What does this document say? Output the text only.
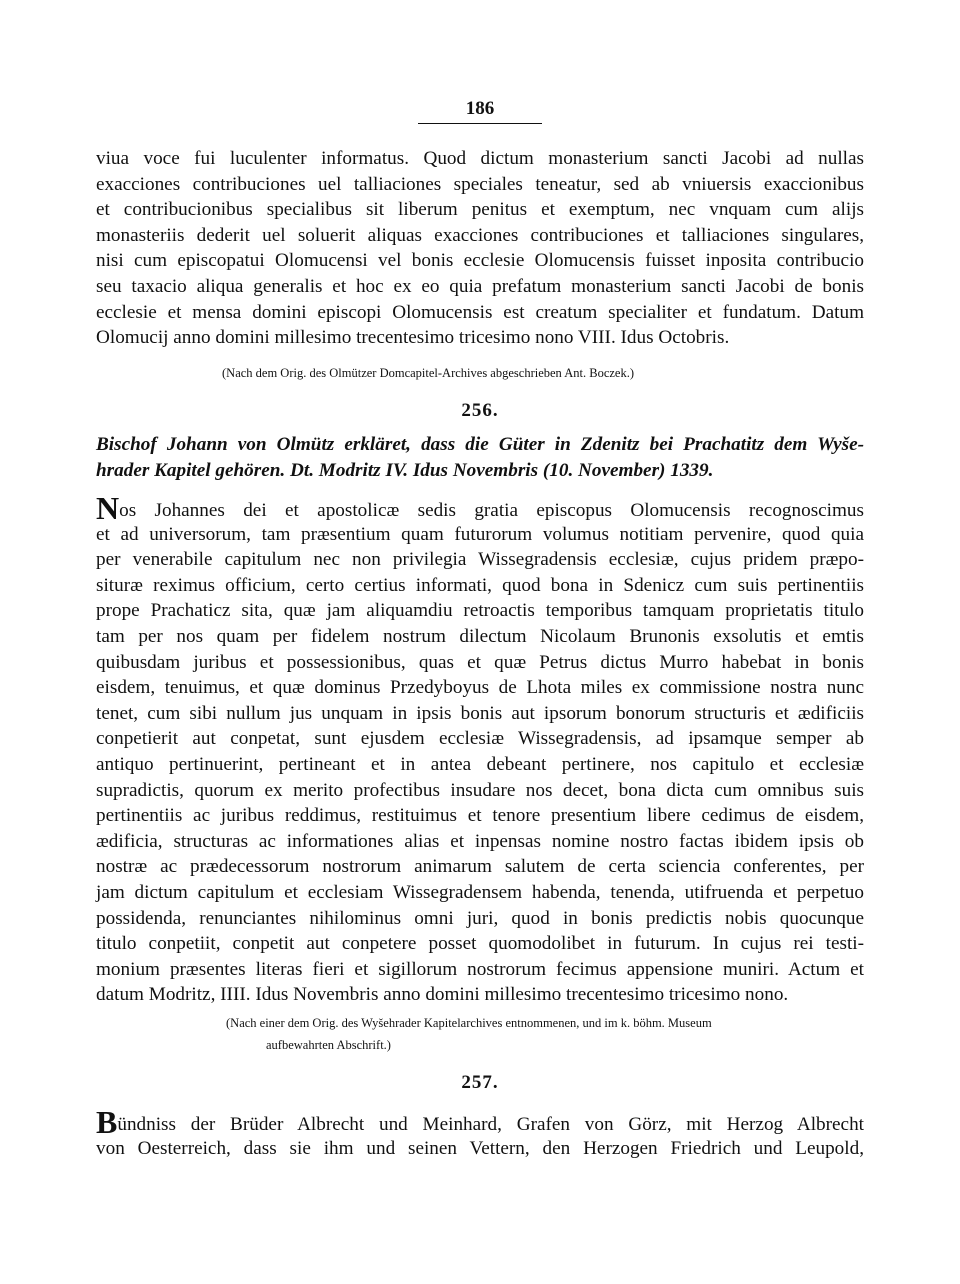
186
viua voce fui luculenter informatus. Quod dictum monasterium sancti Jacobi ad nullas
exacciones contribuciones uel talliaciones speciales teneatur, sed ab vniuersis exaccionibus
et contribucionibus specialibus sit liberum penitus et exemptum, nec vnquam cum alijs
monasteriis dederit uel soluerit aliquas exacciones contribuciones et talliaciones singulares,
nisi cum episcopatui Olomucensi vel bonis ecclesie Olomucensis fuisset inposita contribucio
seu taxacio aliqua generalis et hoc ex eo quia prefatum monasterium sancti Jacobi de bonis
ecclesie et mensa domini episcopi Olomucensis est creatum specialiter et fundatum. Datum
Olomucij anno domini millesimo trecentesimo tricesimo nono VIII. Idus Octobris.
(Nach dem Orig. des Olmützer Domcapitel-Archives abgeschrieben Ant. Boczek.)
256.
Bischof Johann von Olmütz erkläret, dass die Güter in Zdenitz bei Prachatitz dem Wyše-
hrader Kapitel gehören. Dt. Modritz IV. Idus Novembris (10. November) 1339.
Nos Johannes dei et apostolicæ sedis gratia episcopus Olomucensis recognoscimus
et ad universorum, tam præsentium quam futurorum volumus notitiam pervenire, quod quia
per venerabile capitulum nec non privilegia Wissegradensis ecclesiæ, cujus pridem præpo-
situræ reximus officium, certo certius informati, quod bona in Sdenicz cum suis pertinentiis
prope Prachaticz sita, quæ jam aliquamdiu retroactis temporibus tamquam proprietatis titulo
tam per nos quam per fidelem nostrum dilectum Nicolaum Brunonis exsolutis et emtis
quibusdam juribus et possessionibus, quas et quæ Petrus dictus Murro habebat in bonis
eisdem, tenuimus, et quæ dominus Przedyboyus de Lhota miles ex commissione nostra nunc
tenet, cum sibi nullum jus unquam in ipsis bonis aut ipsorum bonorum structuris et ædificiis
conpetierit aut conpetat, sunt ejusdem ecclesiæ Wissegradensis, ad ipsamque semper ab
antiquo pertinuerint, pertineant et in antea debeant pertinere, nos capitulo et ecclesiæ
supradictis, quorum ex merito profectibus insudare nos decet, bona dicta cum omnibus suis
pertinentiis ac juribus reddimus, restituimus et tenore presentium libere cedimus de eisdem,
ædificia, structuras ac informationes alias et inpensas nomine nostro factas ibidem ipsis ob
nostræ ac prædecessorum nostrorum animarum salutem de certa sciencia conferentes, per
jam dictum capitulum et ecclesiam Wissegradensem habenda, tenenda, utifruenda et perpetuo
possidenda, renunciantes nihilominus omni juri, quod in bonis predictis nobis quocunque
titulo conpetiit, conpetit aut conpetere posset quomodolibet in futurum. In cujus rei testi-
monium præsentes literas fieri et sigillorum nostrorum fecimus appensione muniri. Actum et
datum Modritz, IIII. Idus Novembris anno domini millesimo trecentesimo tricesimo nono.
(Nach einer dem Orig. des Wyšehrader Kapitelarchives entnommenen, und im k. böhm. Museum
aufbewahrten Abschrift.)
257.
Bündniss der Brüder Albrecht und Meinhard, Grafen von Görz, mit Herzog Albrecht
von Oesterreich, dass sie ihm und seinen Vettern, den Herzogen Friedrich und Leupold,
